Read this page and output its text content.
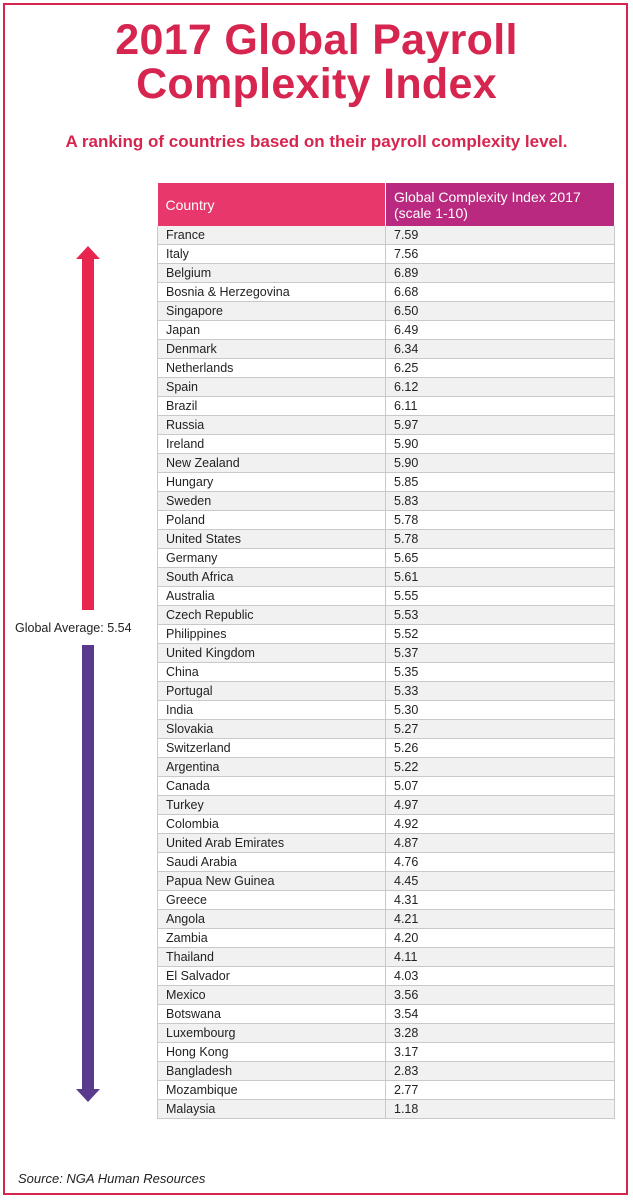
2017 Global Payroll
Complexity Index
A ranking of countries based on their payroll complexity level.
Global Average: 5.54
Country	Global Complexity Index 2017 (scale 1-10)
France	7.59
Italy	7.56
Belgium	6.89
Bosnia & Herzegovina	6.68
Singapore	6.50
Japan	6.49
Denmark	6.34
Netherlands	6.25
Spain	6.12
Brazil	6.11
Russia	5.97
Ireland	5.90
New Zealand	5.90
Hungary	5.85
Sweden	5.83
Poland	5.78
United States	5.78
Germany	5.65
South Africa	5.61
Australia	5.55
Czech Republic	5.53
Philippines	5.52
United Kingdom	5.37
China	5.35
Portugal	5.33
India	5.30
Slovakia	5.27
Switzerland	5.26
Argentina	5.22
Canada	5.07
Turkey	4.97
Colombia	4.92
United Arab Emirates	4.87
Saudi Arabia	4.76
Papua New Guinea	4.45
Greece	4.31
Angola	4.21
Zambia	4.20
Thailand	4.11
El Salvador	4.03
Mexico	3.56
Botswana	3.54
Luxembourg	3.28
Hong Kong	3.17
Bangladesh	2.83
Mozambique	2.77
Malaysia	1.18
Source: NGA Human Resources
